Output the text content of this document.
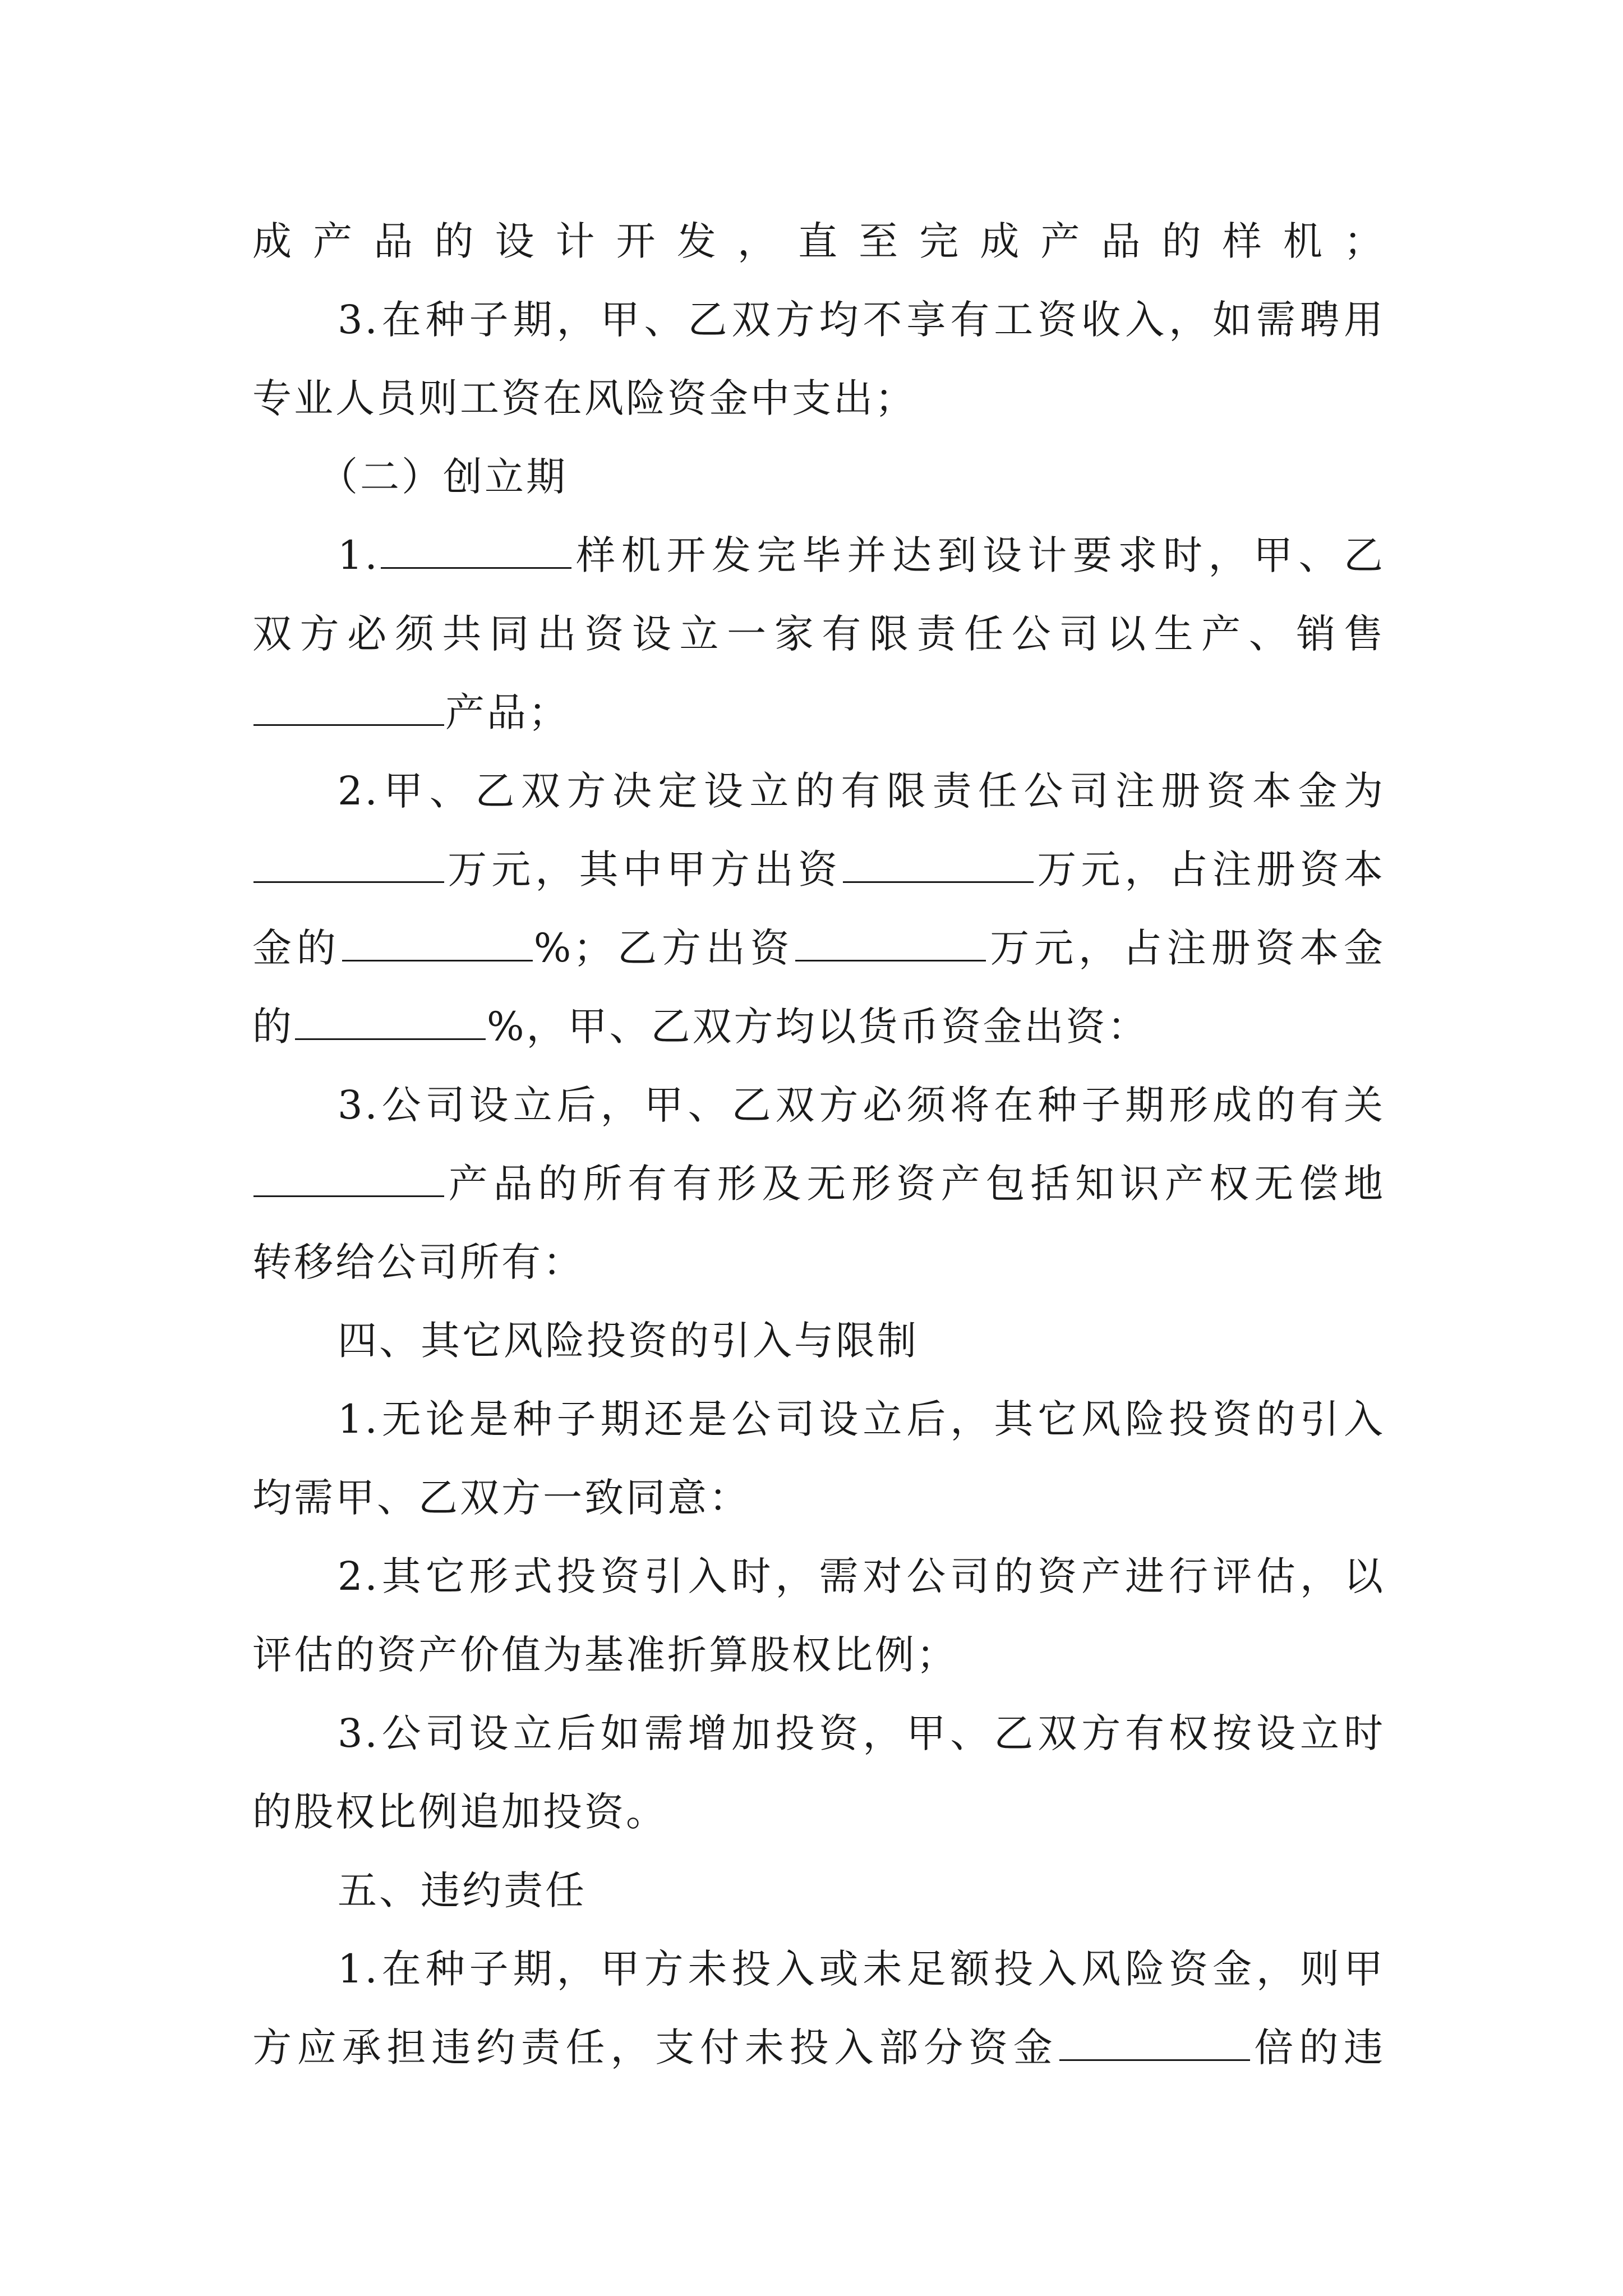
成产品的设计开发，直至完成产品的样机；
3.在种子期，甲、乙双方均不享有工资收入，如需聘用
专业人员则工资在风险资金中支出；
（二）创立期
1.	样机开发完毕并达到设计要求时，甲、乙
双方必须共同出资设立一家有限责任公司以生产、销售
产品；
2.甲、乙双方决定设立的有限责任公司注册资本金为
万元，其中甲方出资	万元，占注册资本
金的	%；乙方出资	万元，占注册资本金
的	%，甲、乙双方均以货币资金出资：
3.公司设立后，甲、乙双方必须将在种子期形成的有关
产品的所有有形及无形资产包括知识产权无偿地
转移给公司所有：
四、其它风险投资的引入与限制
1.无论是种子期还是公司设立后，其它风险投资的引入
均需甲、乙双方一致同意：
2.其它形式投资引入时，需对公司的资产进行评估，以
评估的资产价值为基准折算股权比例；
3.公司设立后如需增加投资，甲、乙双方有权按设立时
的股权比例追加投资。
五、违约责任
1.在种子期，甲方未投入或未足额投入风险资金，则甲
方应承担违约责任，支付未投入部分资金	倍的违
